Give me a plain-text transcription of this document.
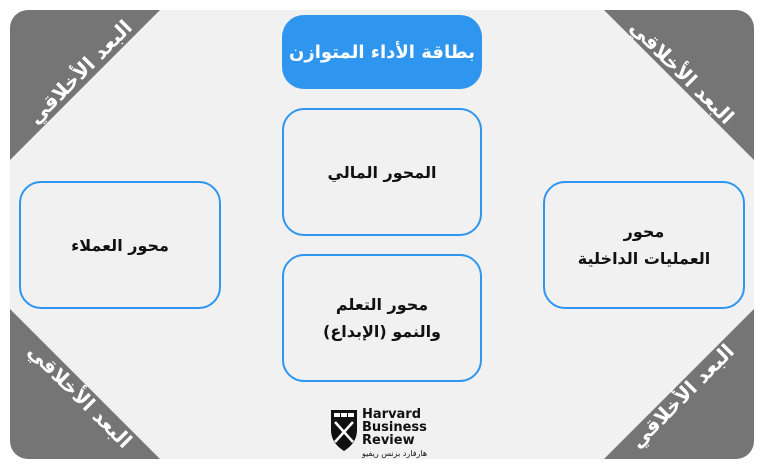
البعد الأخلاقي	البعد الأخلاقي
البعد الأخلاقي	البعد الأخلاقي
بطاقة الأداء المتوازن
المحور المالي
محور التعلم
والنمو (الإبداع)
محور العملاء
محور
العمليات الداخلية
Harvard
Business
Review
هارفارد بزنس ريفيو
